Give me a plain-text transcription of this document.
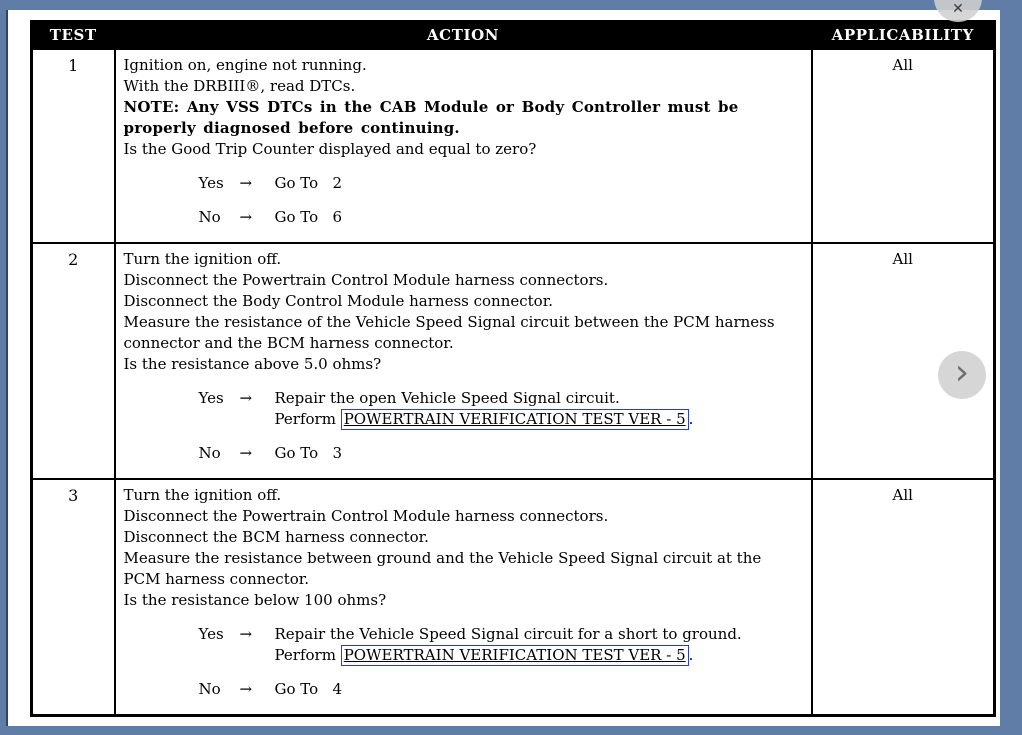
TEST	ACTION	APPLICABILITY
1	Ignition on, engine not running.
With the DRBIII®, read DTCs.
NOTE: Any VSS DTCs in the CAB Module or Body Controller must be properly diagnosed before continuing.
Is the Good Trip Counter displayed and equal to zero?
Yes	→	Go To   2
No	→	Go To   6
	All
2	Turn the ignition off.
Disconnect the Powertrain Control Module harness connectors.
Disconnect the Body Control Module harness connector.
Measure the resistance of the Vehicle Speed Signal circuit between the PCM harness connector and the BCM harness connector.
Is the resistance above 5.0 ohms?
Yes	→	Repair the open Vehicle Speed Signal circuit.
Perform POWERTRAIN VERIFICATION TEST VER - 5 .
No	→	Go To   3
	All
3	Turn the ignition off.
Disconnect the Powertrain Control Module harness connectors.
Disconnect the BCM harness connector.
Measure the resistance between ground and the Vehicle Speed Signal circuit at the PCM harness connector.
Is the resistance below 100 ohms?
Yes	→	Repair the Vehicle Speed Signal circuit for a short to ground.
Perform POWERTRAIN VERIFICATION TEST VER - 5 .
No	→	Go To   4
	All
✕
›
